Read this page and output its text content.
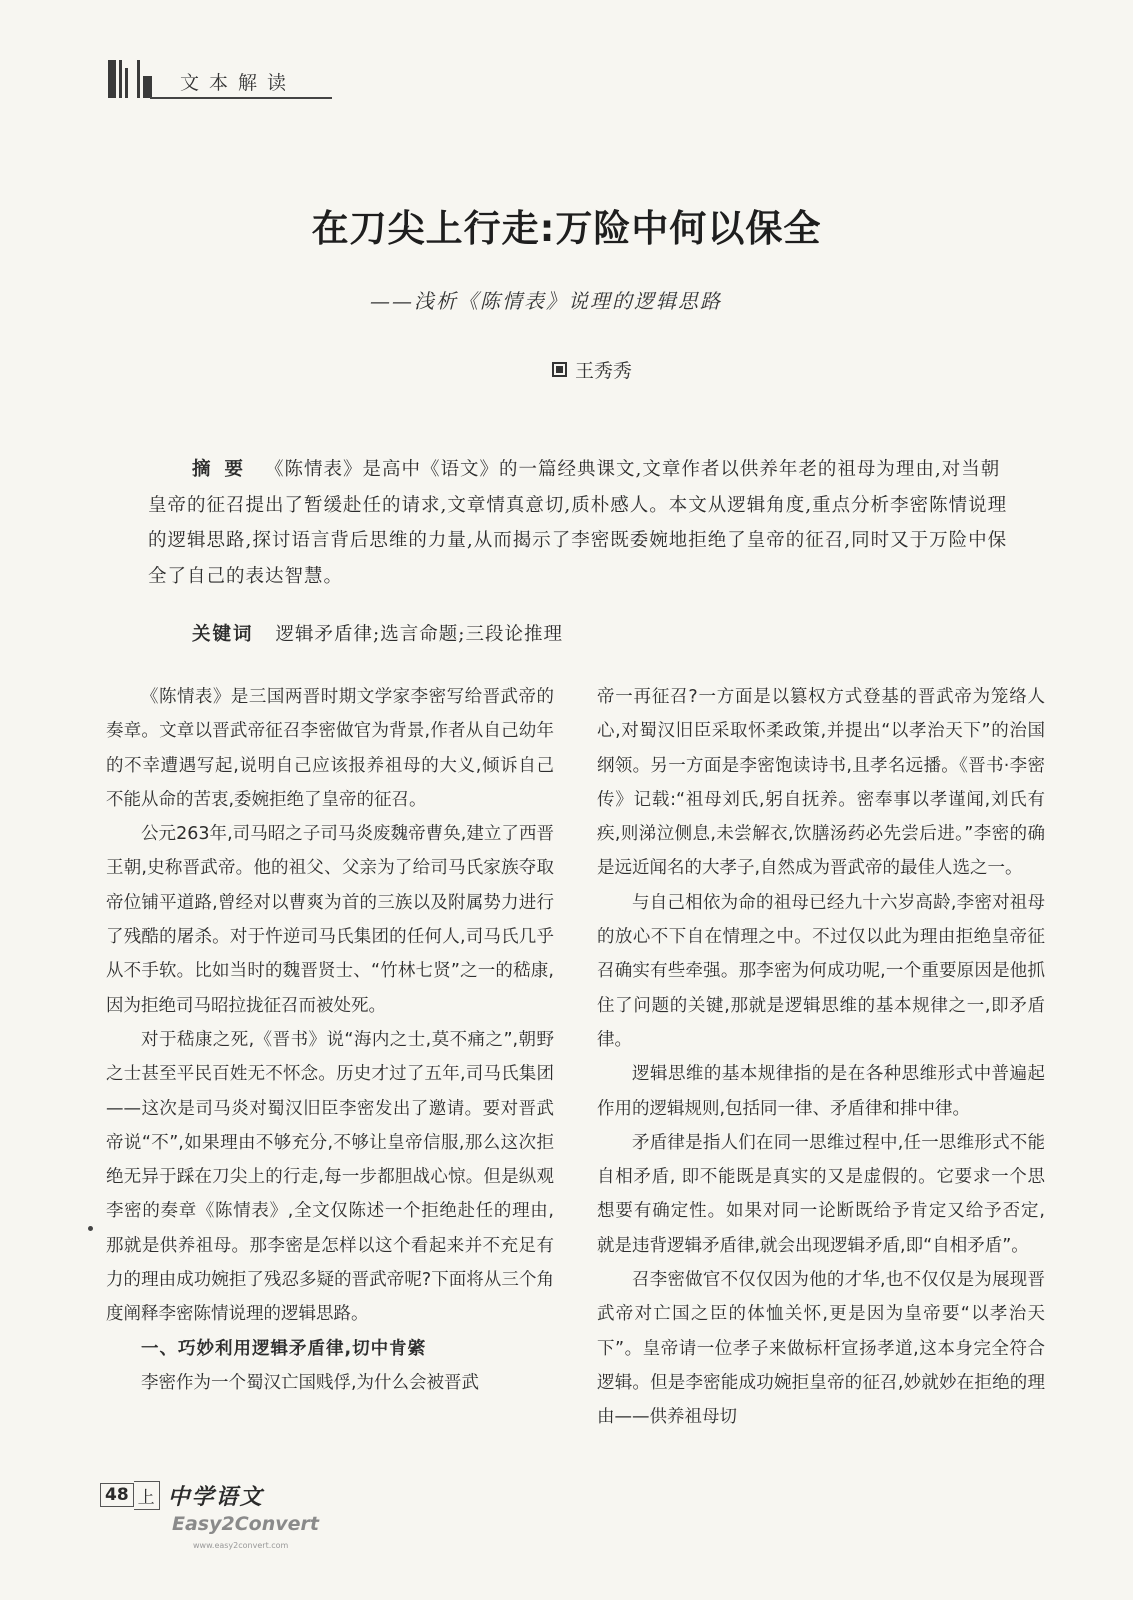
文本解读
在刀尖上行走:万险中何以保全
——浅析《陈情表》说理的逻辑思路
王秀秀
摘要 《陈情表》是高中《语文》的一篇经典课文,文章作者以供养年老的祖母为理由,对当朝皇帝的征召提出了暂缓赴任的请求,文章情真意切,质朴感人。本文从逻辑角度,重点分析李密陈情说理的逻辑思路,探讨语言背后思维的力量,从而揭示了李密既委婉地拒绝了皇帝的征召,同时又于万险中保全了自己的表达智慧。
关键词 逻辑矛盾律;选言命题;三段论推理

《陈情表》是三国两晋时期文学家李密写给晋武帝的奏章。文章以晋武帝征召李密做官为背景,作者从自己幼年的不幸遭遇写起,说明自己应该报养祖母的大义,倾诉自己不能从命的苦衷,委婉拒绝了皇帝的征召。

公元263年,司马昭之子司马炎废魏帝曹奂,建立了西晋王朝,史称晋武帝。他的祖父、父亲为了给司马氏家族夺取帝位铺平道路,曾经对以曹爽为首的三族以及附属势力进行了残酷的屠杀。对于忤逆司马氏集团的任何人,司马氏几乎从不手软。比如当时的魏晋贤士、“竹林七贤”之一的嵇康,因为拒绝司马昭拉拢征召而被处死。

对于嵇康之死,《晋书》说“海内之士,莫不痛之”,朝野之士甚至平民百姓无不怀念。历史才过了五年,司马氏集团——这次是司马炎对蜀汉旧臣李密发出了邀请。要对晋武帝说“不”,如果理由不够充分,不够让皇帝信服,那么这次拒绝无异于踩在刀尖上的行走,每一步都胆战心惊。但是纵观李密的奏章《陈情表》,全文仅陈述一个拒绝赴任的理由,那就是供养祖母。那李密是怎样以这个看起来并不充足有力的理由成功婉拒了残忍多疑的晋武帝呢?下面将从三个角度阐释李密陈情说理的逻辑思路。

一、巧妙利用逻辑矛盾律,切中肯綮

李密作为一个蜀汉亡国贱俘,为什么会被晋武

帝一再征召?一方面是以篡权方式登基的晋武帝为笼络人心,对蜀汉旧臣采取怀柔政策,并提出“以孝治天下”的治国纲领。另一方面是李密饱读诗书,且孝名远播。《晋书·李密传》记载:“祖母刘氏,躬自抚养。密奉事以孝谨闻,刘氏有疾,则涕泣侧息,未尝解衣,饮膳汤药必先尝后进。”李密的确是远近闻名的大孝子,自然成为晋武帝的最佳人选之一。

与自己相依为命的祖母已经九十六岁高龄,李密对祖母的放心不下自在情理之中。不过仅以此为理由拒绝皇帝征召确实有些牵强。那李密为何成功呢,一个重要原因是他抓住了问题的关键,那就是逻辑思维的基本规律之一,即矛盾律。

逻辑思维的基本规律指的是在各种思维形式中普遍起作用的逻辑规则,包括同一律、矛盾律和排中律。

矛盾律是指人们在同一思维过程中,任一思维形式不能自相矛盾, 即不能既是真实的又是虚假的。它要求一个思想要有确定性。如果对同一论断既给予肯定又给予否定, 就是违背逻辑矛盾律,就会出现逻辑矛盾,即“自相矛盾”。

召李密做官不仅仅因为他的才华,也不仅仅是为展现晋武帝对亡国之臣的体恤关怀,更是因为皇帝要“以孝治天下”。皇帝请一位孝子来做标杆宣扬孝道,这本身完全符合逻辑。但是李密能成功婉拒皇帝的征召,妙就妙在拒绝的理由——供养祖母切

48 上 中学语文
Easy2Convert
www.easy2convert.com
